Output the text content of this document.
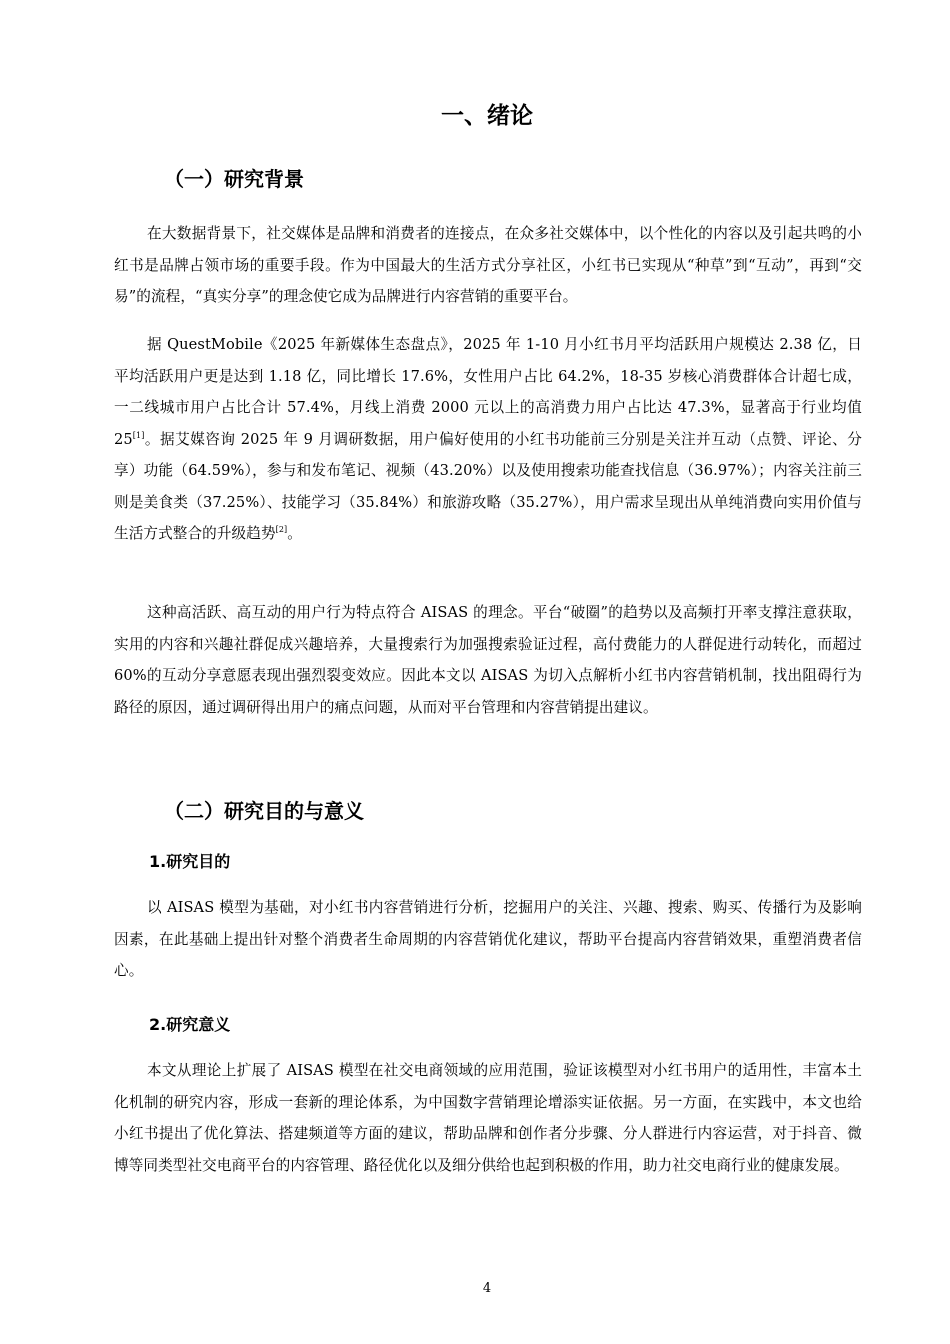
一、绪论
（一）研究背景

在大数据背景下，社交媒体是品牌和消费者的连接点，在众多社交媒体中，以个性化的内容以及引起共鸣的小红书是品牌占领市场的重要手段。作为中国最大的生活方式分享社区，小红书已实现从“种草”到“互动”，再到“交易”的流程，“真实分享”的理念使它成为品牌进行内容营销的重要平台。

据 QuestMobile《2025 年新媒体生态盘点》，2025 年 1-10 月小红书月平均活跃用户规模达 2.38 亿，日平均活跃用户更是达到 1.18 亿，同比增长 17.6%，女性用户占比 64.2%，18-35 岁核心消费群体合计超七成，一二线城市用户占比合计 57.4%，月线上消费 2000 元以上的高消费力用户占比达 47.3%，显著高于行业均值 25[1]。据艾媒咨询 2025 年 9 月调研数据，用户偏好使用的小红书功能前三分别是关注并互动（点赞、评论、分享）功能（64.59%），参与和发布笔记、视频（43.20%）以及使用搜索功能查找信息（36.97%）；内容关注前三则是美食类（37.25%）、技能学习（35.84%）和旅游攻略（35.27%），用户需求呈现出从单纯消费向实用价值与生活方式整合的升级趋势[2]。

这种高活跃、高互动的用户行为特点符合 AISAS 的理念。平台“破圈”的趋势以及高频打开率支撑注意获取，实用的内容和兴趣社群促成兴趣培养，大量搜索行为加强搜索验证过程，高付费能力的人群促进行动转化，而超过 60%的互动分享意愿表现出强烈裂变效应。因此本文以 AISAS 为切入点解析小红书内容营销机制，找出阻碍行为路径的原因，通过调研得出用户的痛点问题，从而对平台管理和内容营销提出建议。

（二）研究目的与意义
1.研究目的

以 AISAS 模型为基础，对小红书内容营销进行分析，挖掘用户的关注、兴趣、搜索、购买、传播行为及影响因素，在此基础上提出针对整个消费者生命周期的内容营销优化建议，帮助平台提高内容营销效果，重塑消费者信心。

2.研究意义

本文从理论上扩展了 AISAS 模型在社交电商领域的应用范围，验证该模型对小红书用户的适用性，丰富本土化机制的研究内容，形成一套新的理论体系，为中国数字营销理论增添实证依据。另一方面，在实践中，本文也给小红书提出了优化算法、搭建频道等方面的建议，帮助品牌和创作者分步骤、分人群进行内容运营，对于抖音、微博等同类型社交电商平台的内容管理、路径优化以及细分供给也起到积极的作用，助力社交电商行业的健康发展。

4
